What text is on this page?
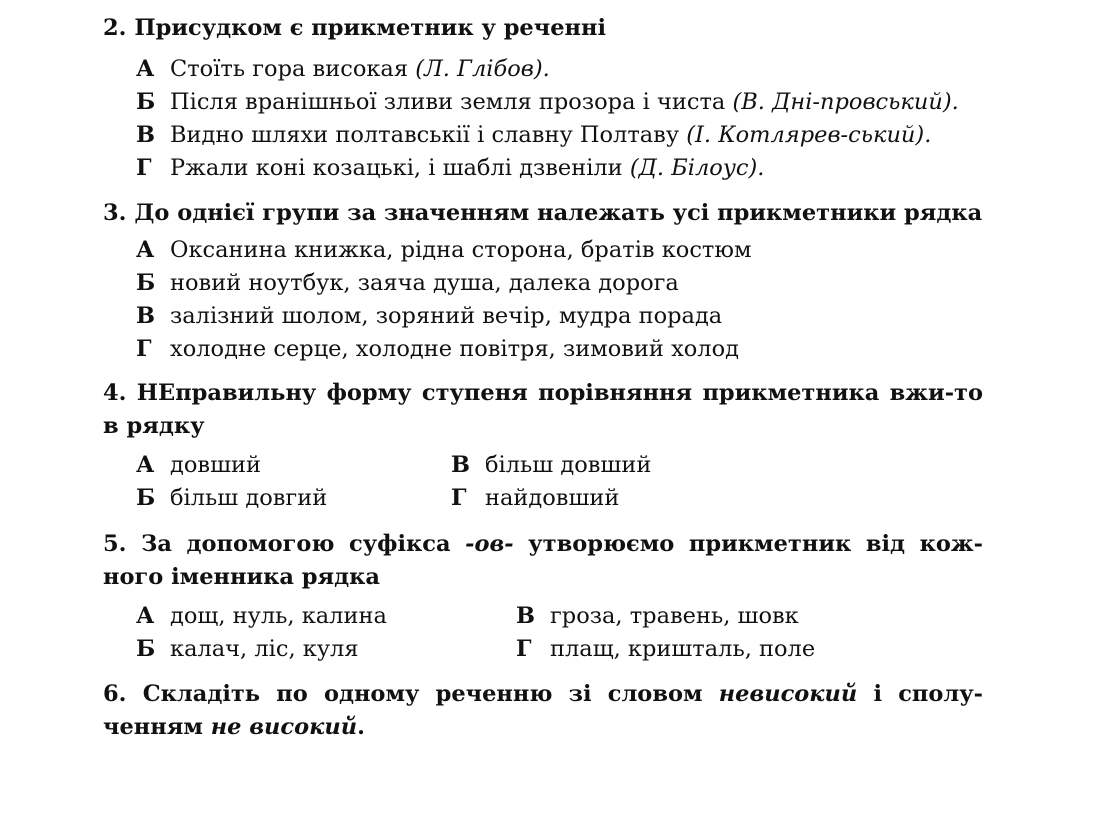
2. Присудком є прикметник у реченні
А Стоїть гора високая (Л. Глібов).
Б Після вранішньої зливи земля прозора і чиста (В. Дні-провський).
В Видно шляхи полтавськії і славну Полтаву (І. Котлярев-ський).
Г Ржали коні козацькі, і шаблі дзвеніли (Д. Білоус).
3. До однієї групи за значенням належать усі прикметники рядка
А Оксанина книжка, рідна сторона, братів костюм
Б новий ноутбук, заяча душа, далека дорога
В залізний шолом, зоряний вечір, мудра порада
Г холодне серце, холодне повітря, зимовий холод
4. НЕправильну форму ступеня порівняння прикметника вжи-то в рядку
А довший	В більш довший
Б більш довгий	Г найдовший
5. За допомогою суфікса -ов- утворюємо прикметник від кож-ного іменника рядка
А дощ, нуль, калина	В гроза, травень, шовк
Б калач, ліс, куля	Г плащ, кришталь, поле
6. Складіть по одному реченню зі словом невисокий і сполу-ченням не високий.
